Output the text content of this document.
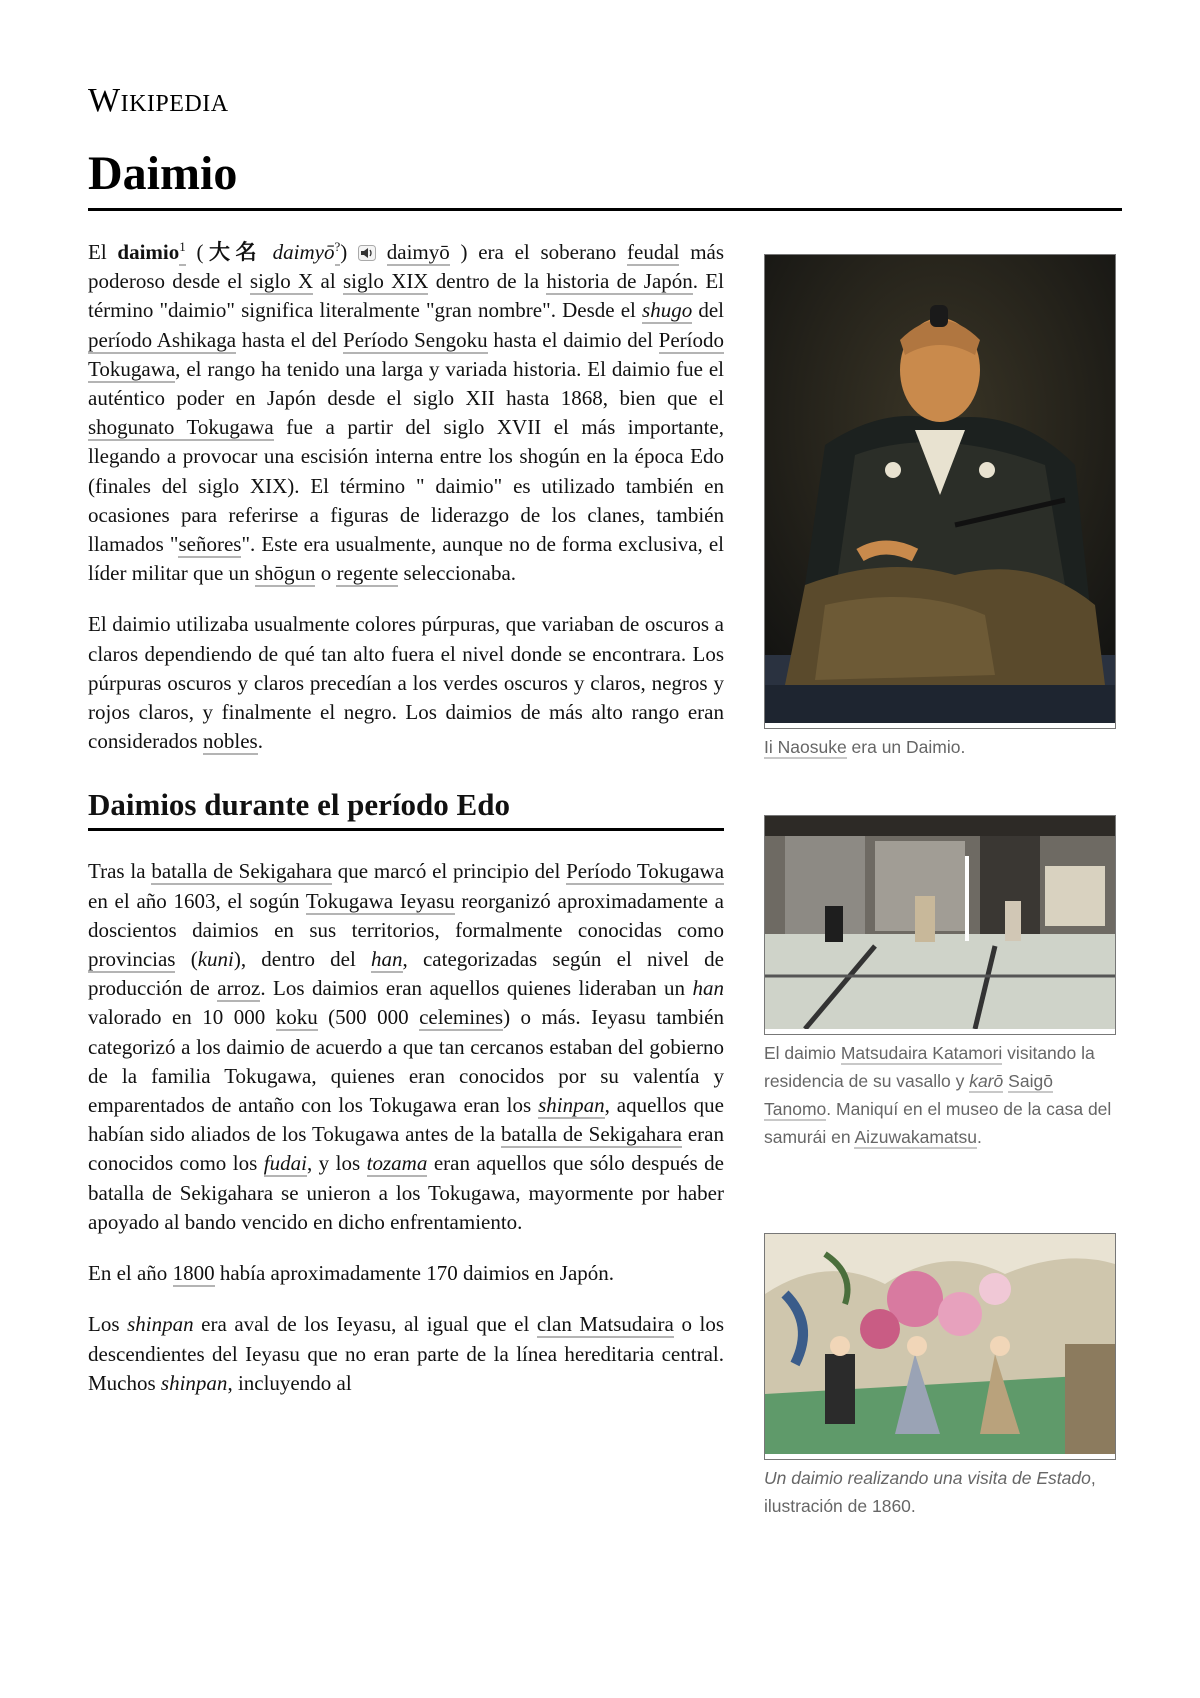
Wikipedia
Daimio

El daimio$^1$ (大名 daimyō?)  daimyō ) era el soberano feudal más poderoso desde el siglo X al siglo XIX dentro de la historia de Japón. El término "daimio" significa literalmente "gran nombre". Desde el shugo del período Ashikaga hasta el del Período Sengoku hasta el daimio del Período Tokugawa, el rango ha tenido una larga y variada historia. El daimio fue el auténtico poder en Japón desde el siglo XII hasta 1868, bien que el shogunato Tokugawa fue a partir del siglo XVII el más importante, llegando a provocar una escisión interna entre los shogún en la época Edo (finales del siglo XIX). El término " daimio" es utilizado también en ocasiones para referirse a figuras de liderazgo de los clanes, también llamados "señores". Este era usualmente, aunque no de forma exclusiva, el líder militar que un shōgun o regente seleccionaba.

El daimio utilizaba usualmente colores púrpuras, que variaban de oscuros a claros dependiendo de qué tan alto fuera el nivel donde se encontrara. Los púrpuras oscuros y claros precedían a los verdes oscuros y claros, negros y rojos claros, y finalmente el negro. Los daimios de más alto rango eran considerados nobles.

Daimios durante el período Edo

Tras la batalla de Sekigahara que marcó el principio del Período Tokugawa en el año 1603, el sogún Tokugawa Ieyasu reorganizó aproximadamente a doscientos daimios en sus territorios, formalmente conocidas como provincias (kuni), dentro del han, categorizadas según el nivel de producción de arroz. Los daimios eran aquellos quienes lideraban un han valorado en 10 000 koku (500 000 celemines) o más. Ieyasu también categorizó a los daimio de acuerdo a que tan cercanos estaban del gobierno de la familia Tokugawa, quienes eran conocidos por su valentía y emparentados de antaño con los Tokugawa eran los shinpan, aquellos que habían sido aliados de los Tokugawa antes de la batalla de Sekigahara eran conocidos como los fudai, y los tozama eran aquellos que sólo después de batalla de Sekigahara se unieron a los Tokugawa, mayormente por haber apoyado al bando vencido en dicho enfrentamiento.

En el año 1800 había aproximadamente 170 daimios en Japón.

Los shinpan era aval de los Ieyasu, al igual que el clan Matsudaira o los descendientes del Ieyasu que no eran parte de la línea hereditaria central. Muchos shinpan, incluyendo al

Ii Naosuke era un Daimio.
El daimio Matsudaira Katamori visitando la residencia de su vasallo y karō Saigō Tanomo. Maniquí en el museo de la casa del samurái en Aizuwakamatsu.
Un daimio realizando una visita de Estado, ilustración de 1860.
